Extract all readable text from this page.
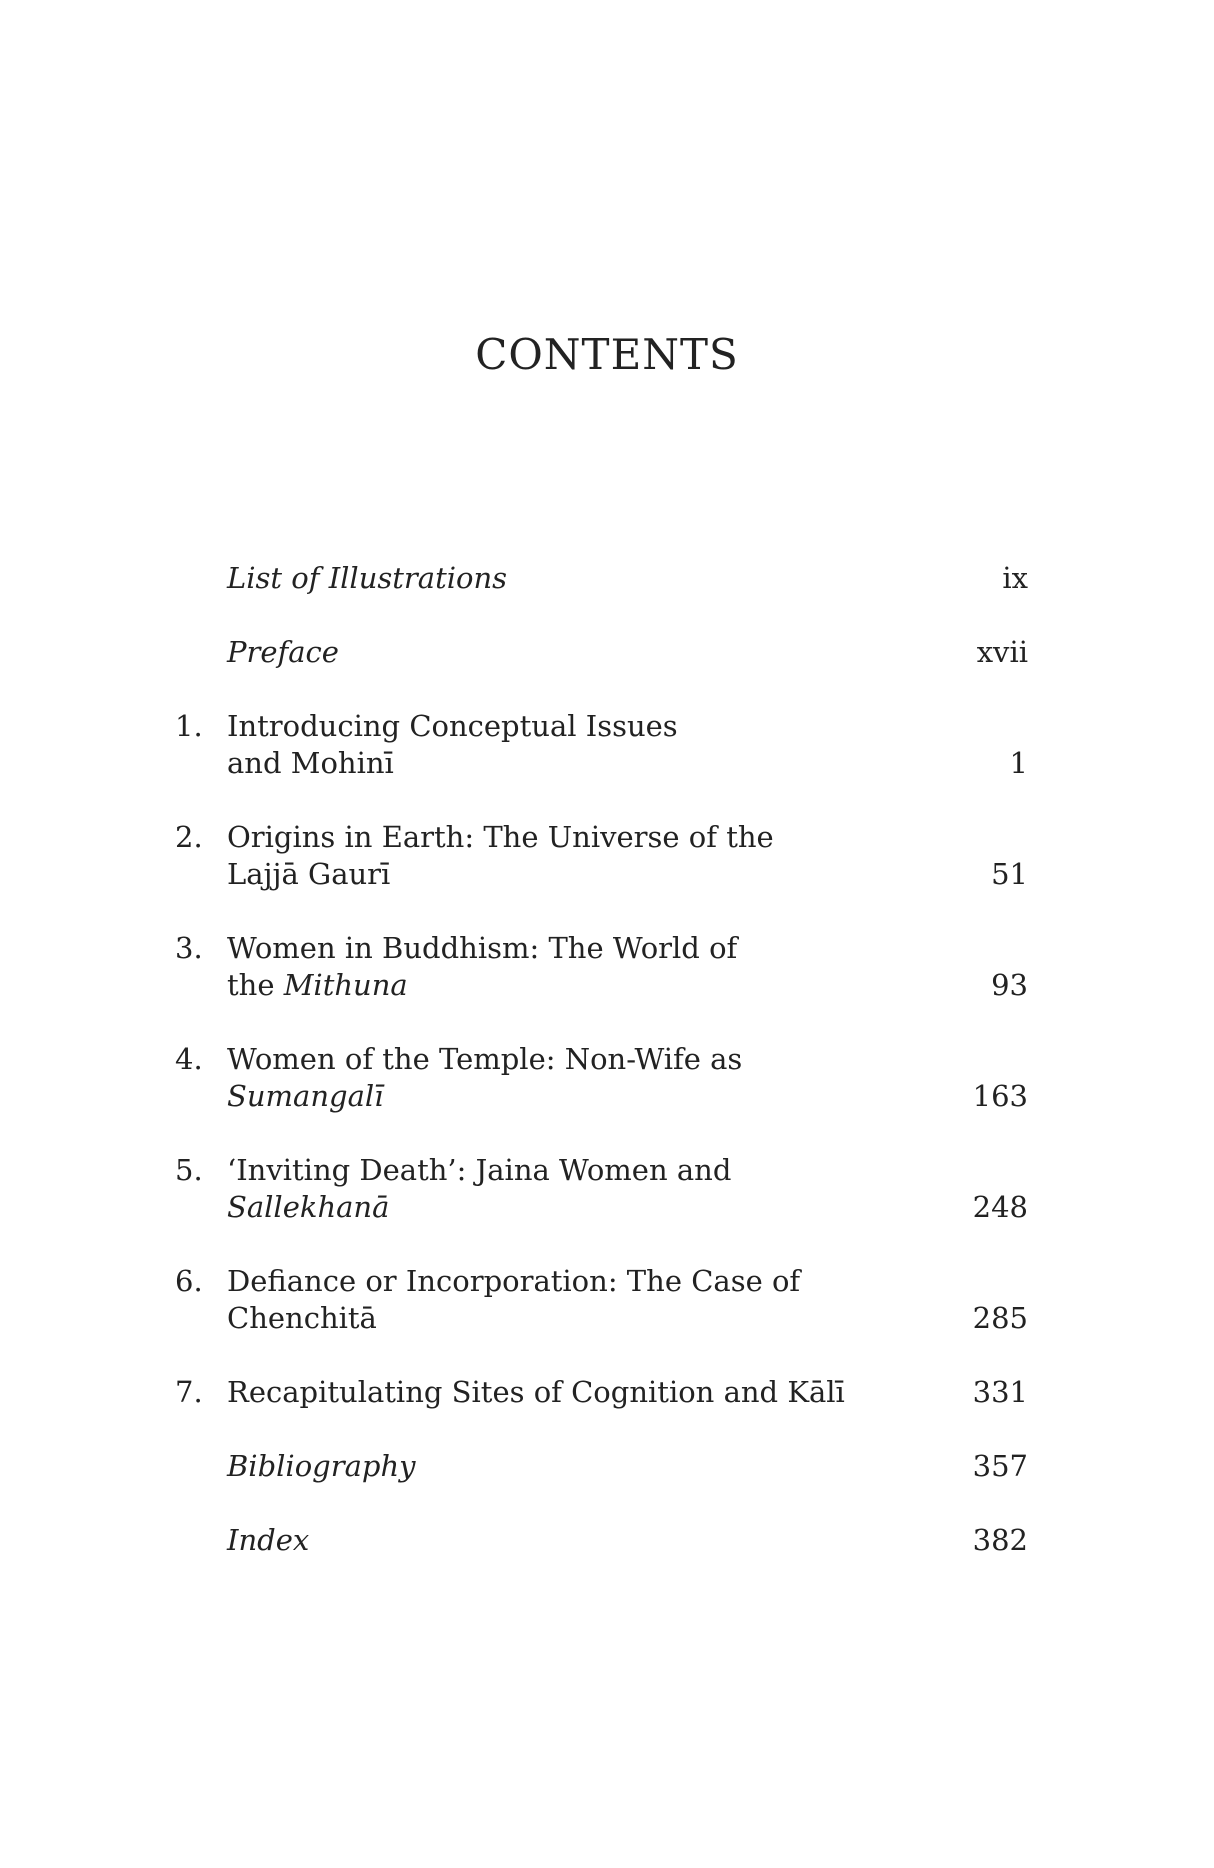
CONTENTS
List of Illustrations	ix
Preface	xvii
1. Introducing Conceptual Issues
and Mohinī	1
2. Origins in Earth: The Universe of the
Lajjā Gaurī	51
3. Women in Buddhism: The World of
the Mithuna	93
4. Women of the Temple: Non-Wife as
Sumangalī	163
5. ‘Inviting Death’: Jaina Women and
Sallekhanā	248
6. Defiance or Incorporation: The Case of
Chenchitā	285
7. Recapitulating Sites of Cognition and Kālī	331
Bibliography	357
Index	382
